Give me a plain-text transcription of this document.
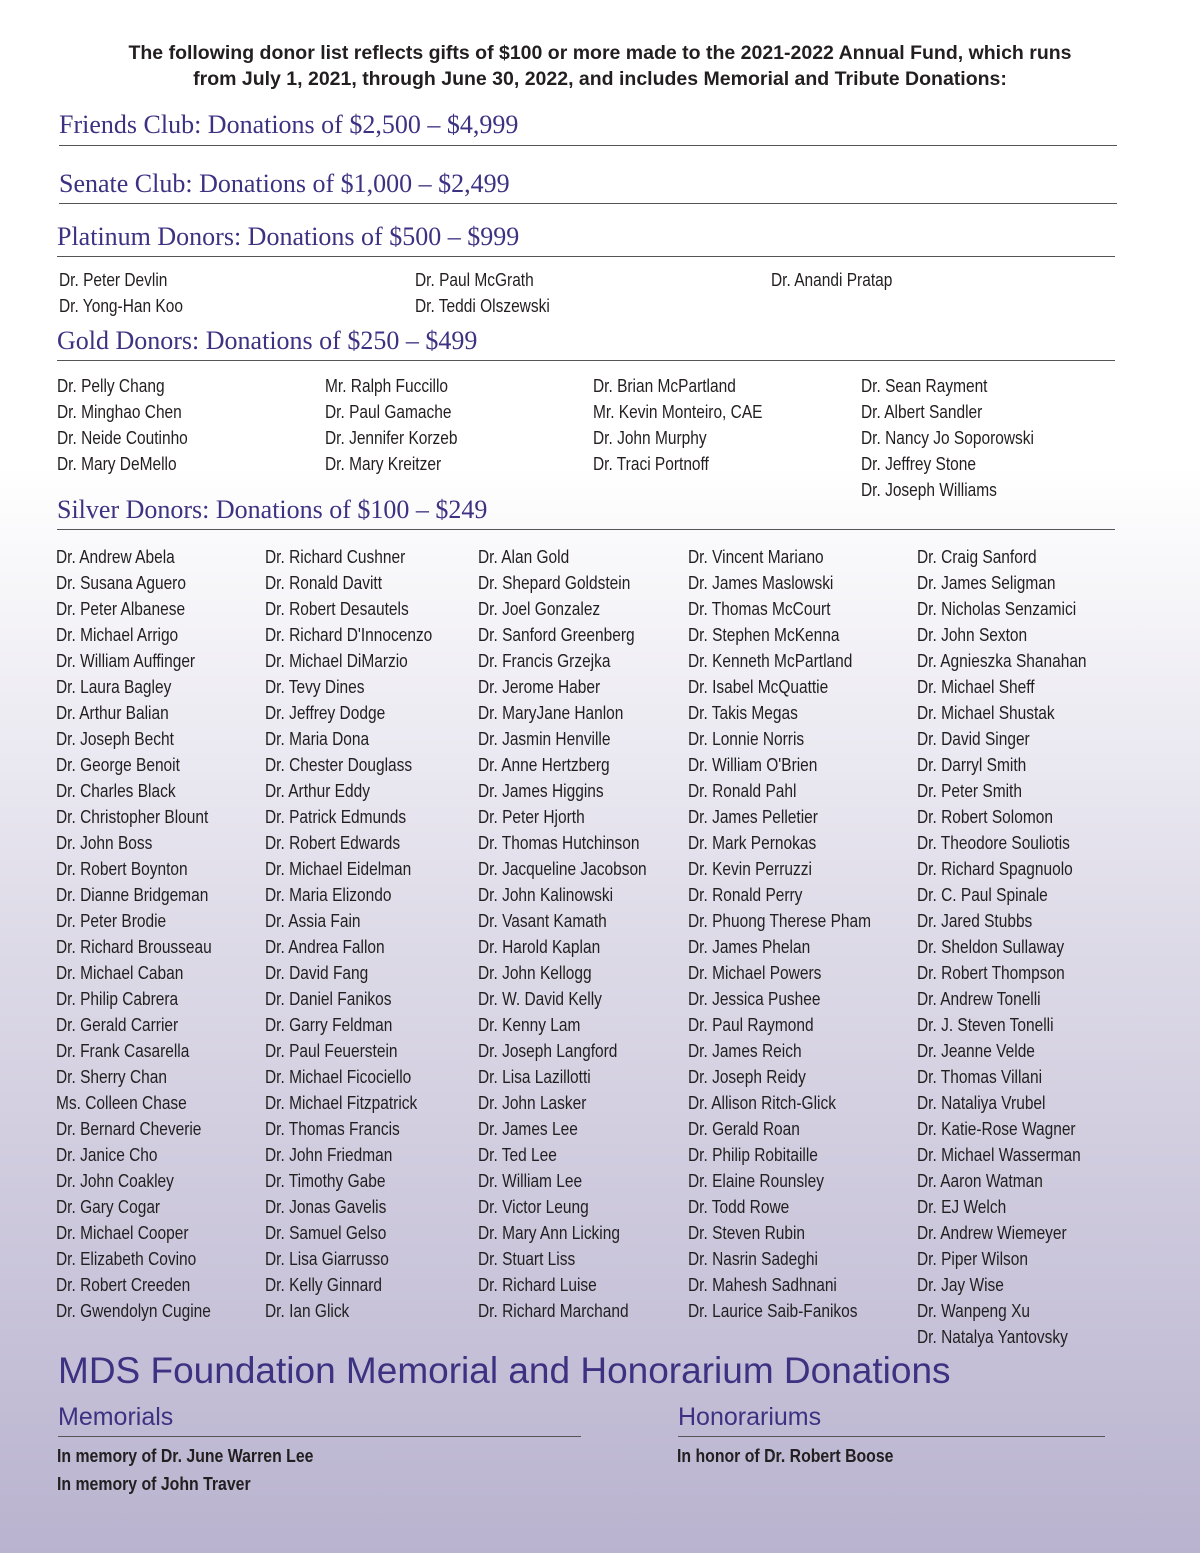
The following donor list reflects gifts of $100 or more made to the 2021-2022 Annual Fund, which runs
from July 1, 2021, through June 30, 2022, and includes Memorial and Tribute Donations:
Friends Club: Donations of $2,500 – $4,999
Senate Club: Donations of $1,000 – $2,499
Platinum Donors: Donations of $500 – $999
Dr. Peter Devlin
Dr. Yong-Han Koo
Dr. Paul McGrath
Dr. Teddi Olszewski
Dr. Anandi Pratap
Gold Donors: Donations of $250 – $499
Dr. Pelly Chang
Dr. Minghao Chen
Dr. Neide Coutinho
Dr. Mary DeMello
Mr. Ralph Fuccillo
Dr. Paul Gamache
Dr. Jennifer Korzeb
Dr. Mary Kreitzer
Dr. Brian McPartland
Mr. Kevin Monteiro, CAE
Dr. John Murphy
Dr. Traci Portnoff
Dr. Sean Rayment
Dr. Albert Sandler
Dr. Nancy Jo Soporowski
Dr. Jeffrey Stone
Dr. Joseph Williams
Silver Donors: Donations of $100 – $249
Dr. Andrew Abela
Dr. Susana Aguero
Dr. Peter Albanese
Dr. Michael Arrigo
Dr. William Auffinger
Dr. Laura Bagley
Dr. Arthur Balian
Dr. Joseph Becht
Dr. George Benoit
Dr. Charles Black
Dr. Christopher Blount
Dr. John Boss
Dr. Robert Boynton
Dr. Dianne Bridgeman
Dr. Peter Brodie
Dr. Richard Brousseau
Dr. Michael Caban
Dr. Philip Cabrera
Dr. Gerald Carrier
Dr. Frank Casarella
Dr. Sherry Chan
Ms. Colleen Chase
Dr. Bernard Cheverie
Dr. Janice Cho
Dr. John Coakley
Dr. Gary Cogar
Dr. Michael Cooper
Dr. Elizabeth Covino
Dr. Robert Creeden
Dr. Gwendolyn Cugine
Dr. Richard Cushner
Dr. Ronald Davitt
Dr. Robert Desautels
Dr. Richard D'Innocenzo
Dr. Michael DiMarzio
Dr. Tevy Dines
Dr. Jeffrey Dodge
Dr. Maria Dona
Dr. Chester Douglass
Dr. Arthur Eddy
Dr. Patrick Edmunds
Dr. Robert Edwards
Dr. Michael Eidelman
Dr. Maria Elizondo
Dr. Assia Fain
Dr. Andrea Fallon
Dr. David Fang
Dr. Daniel Fanikos
Dr. Garry Feldman
Dr. Paul Feuerstein
Dr. Michael Ficociello
Dr. Michael Fitzpatrick
Dr. Thomas Francis
Dr. John Friedman
Dr. Timothy Gabe
Dr. Jonas Gavelis
Dr. Samuel Gelso
Dr. Lisa Giarrusso
Dr. Kelly Ginnard
Dr. Ian Glick
Dr. Alan Gold
Dr. Shepard Goldstein
Dr. Joel Gonzalez
Dr. Sanford Greenberg
Dr. Francis Grzejka
Dr. Jerome Haber
Dr. MaryJane Hanlon
Dr. Jasmin Henville
Dr. Anne Hertzberg
Dr. James Higgins
Dr. Peter Hjorth
Dr. Thomas Hutchinson
Dr. Jacqueline Jacobson
Dr. John Kalinowski
Dr. Vasant Kamath
Dr. Harold Kaplan
Dr. John Kellogg
Dr. W. David Kelly
Dr. Kenny Lam
Dr. Joseph Langford
Dr. Lisa Lazillotti
Dr. John Lasker
Dr. James Lee
Dr. Ted Lee
Dr. William Lee
Dr. Victor Leung
Dr. Mary Ann Licking
Dr. Stuart Liss
Dr. Richard Luise
Dr. Richard Marchand
Dr. Vincent Mariano
Dr. James Maslowski
Dr. Thomas McCourt
Dr. Stephen McKenna
Dr. Kenneth McPartland
Dr. Isabel McQuattie
Dr. Takis Megas
Dr. Lonnie Norris
Dr. William O'Brien
Dr. Ronald Pahl
Dr. James Pelletier
Dr. Mark Pernokas
Dr. Kevin Perruzzi
Dr. Ronald Perry
Dr. Phuong Therese Pham
Dr. James Phelan
Dr. Michael Powers
Dr. Jessica Pushee
Dr. Paul Raymond
Dr. James Reich
Dr. Joseph Reidy
Dr. Allison Ritch-Glick
Dr. Gerald Roan
Dr. Philip Robitaille
Dr. Elaine Rounsley
Dr. Todd Rowe
Dr. Steven Rubin
Dr. Nasrin Sadeghi
Dr. Mahesh Sadhnani
Dr. Laurice Saib-Fanikos
Dr. Craig Sanford
Dr. James Seligman
Dr. Nicholas Senzamici
Dr. John Sexton
Dr. Agnieszka Shanahan
Dr. Michael Sheff
Dr. Michael Shustak
Dr. David Singer
Dr. Darryl Smith
Dr. Peter Smith
Dr. Robert Solomon
Dr. Theodore Souliotis
Dr. Richard Spagnuolo
Dr. C. Paul Spinale
Dr. Jared Stubbs
Dr. Sheldon Sullaway
Dr. Robert Thompson
Dr. Andrew Tonelli
Dr. J. Steven Tonelli
Dr. Jeanne Velde
Dr. Thomas Villani
Dr. Nataliya Vrubel
Dr. Katie-Rose Wagner
Dr. Michael Wasserman
Dr. Aaron Watman
Dr. EJ Welch
Dr. Andrew Wiemeyer
Dr. Piper Wilson
Dr. Jay Wise
Dr. Wanpeng Xu
Dr. Natalya Yantovsky
MDS Foundation Memorial and Honorarium Donations
Memorials
In memory of Dr. June Warren Lee
In memory of John Traver
Honorariums
In honor of Dr. Robert Boose
